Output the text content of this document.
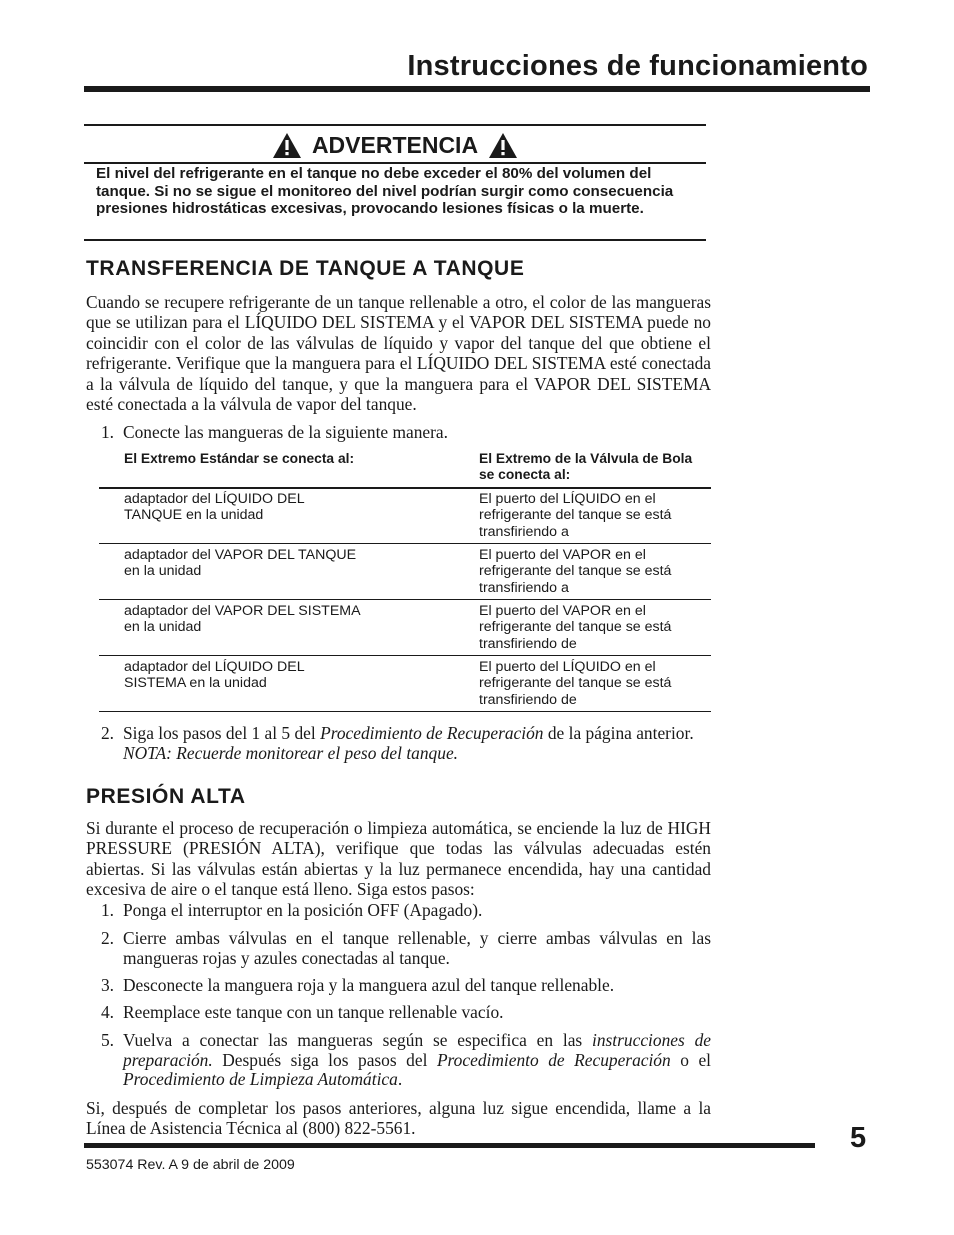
Instrucciones de funcionamiento
ADVERTENCIA
El nivel del refrigerante en el tanque no debe exceder el 80% del volumen del tanque. Si no se sigue el monitoreo del nivel podrían surgir como consecuencia presiones hidrostáticas excesivas, provocando lesiones físicas o la muerte.
TRANSFERENCIA DE TANQUE A TANQUE
Cuando se recupere refrigerante de un tanque rellenable a otro, el color de las mangueras que se utilizan para el LÍQUIDO DEL SISTEMA y el VAPOR DEL SISTEMA puede no coincidir con el color de las válvulas de líquido y vapor del tanque del que obtiene el refrigerante. Verifique que la manguera para el LÍQUIDO DEL SISTEMA esté conectada a la válvula de líquido del tanque, y que la manguera para el VAPOR DEL SISTEMA esté conectada a la válvula de vapor del tanque.
1. Conecte las mangueras de la siguiente manera.
El Extremo Estándar se conecta al:	El Extremo de la Válvula de Bola se conecta al:
adaptador del LÍQUIDO DEL TANQUE en la unidad
El puerto del LÍQUIDO en el refrigerante del tanque se está transfiriendo a
adaptador del VAPOR DEL TANQUE en la unidad
El puerto del VAPOR en el refrigerante del tanque se está transfiriendo a
adaptador del VAPOR DEL SISTEMA en la unidad
El puerto del VAPOR en el refrigerante del tanque se está transfiriendo de
adaptador del LÍQUIDO DEL SISTEMA en la unidad
El puerto del LÍQUIDO en el refrigerante del tanque se está transfiriendo de
2. Siga los pasos del 1 al 5 del Procedimiento de Recuperación de la página anterior.
NOTA: Recuerde monitorear el peso del tanque.
PRESIÓN ALTA
Si durante el proceso de recuperación o limpieza automática, se enciende la luz de HIGH PRESSURE (PRESIÓN ALTA), verifique que todas las válvulas adecuadas estén abiertas. Si las válvulas están abiertas y la luz permanece encendida, hay una cantidad excesiva de aire o el tanque está lleno. Siga estos pasos:
1. Ponga el interruptor en la posición OFF (Apagado).
2. Cierre ambas válvulas en el tanque rellenable, y cierre ambas válvulas en las mangueras rojas y azules conectadas al tanque.
3. Desconecte la manguera roja y la manguera azul del tanque rellenable.
4. Reemplace este tanque con un tanque rellenable vacío.
5. Vuelva a conectar las mangueras según se especifica en las instrucciones de preparación. Después siga los pasos del Procedimiento de Recuperación o el Procedimiento de Limpieza Automática.
Si, después de completar los pasos anteriores, alguna luz sigue encendida, llame a la Línea de Asistencia Técnica al (800) 822-5561.	5
553074 Rev. A 9 de abril de 2009
